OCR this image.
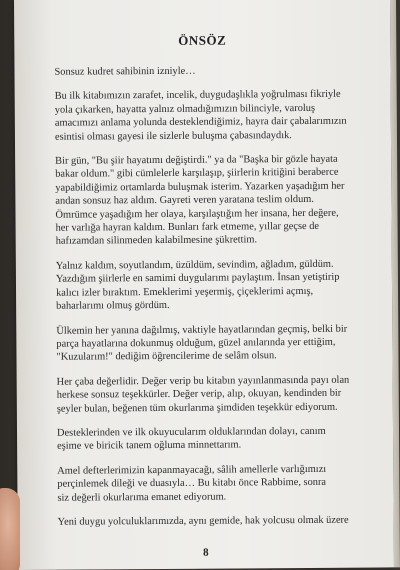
ÖNSÖZ

Sonsuz kudret sahibinin izniyle…

Bu ilk kitabımızın zarafet, incelik, duygudaşlıkla yoğrulması fikriyle
yola çıkarken, hayatta yalnız olmadığımızın bilinciyle, varoluş
amacımızı anlama yolunda desteklendiğimiz, hayra dair çabalarımızın
esintisi olması gayesi ile sizlerle buluşma çabasındaydık.

Bir gün, "Bu şiir hayatımı değiştirdi." ya da "Başka bir gözle hayata
bakar oldum." gibi cümlelerle karşılaşıp, şiirlerin kritiğini beraberce
yapabildiğimiz ortamlarda buluşmak isterim. Yazarken yaşadığım her
andan sonsuz haz aldım. Gayreti veren yaratana teslim oldum.
Ömrümce yaşadığım her olaya, karşılaştığım her insana, her değere,
her varlığa hayran kaldım. Bunları fark etmeme, yıllar geçse de
hafızamdan silinmeden kalabilmesine şükrettim.

Yalnız kaldım, soyutlandım, üzüldüm, sevindim, ağladım, güldüm.
Yazdığım şiirlerle en samimi duygularımı paylaştım. İnsan yetiştirip
kalıcı izler bıraktım. Emeklerimi yeşermiş, çiçeklerimi açmış,
baharlarımı olmuş gördüm.

Ülkemin her yanına dağılmış, vaktiyle hayatlarından geçmiş, belki bir
parça hayatlarına dokunmuş olduğum, güzel anılarında yer ettiğim,
"Kuzularım!" dediğim öğrencilerime de selâm olsun.

Her çaba değerlidir. Değer verip bu kitabın yayınlanmasında payı olan
herkese sonsuz teşekkürler. Değer verip, alıp, okuyan, kendinden bir
şeyler bulan, beğenen tüm okurlarıma şimdiden teşekkür ediyorum.

Desteklerinden ve ilk okuyucularım olduklarından dolayı, canım
eşime ve biricik tanem oğluma minnettarım.

Amel defterlerimizin kapanmayacağı, sâlih amellerle varlığımızı
perçinlemek dileği ve duasıyla… Bu kitabı önce Rabbime, sonra
siz değerli okurlarıma emanet ediyorum.

Yeni duygu yolculuklarımızda, aynı gemide, hak yolcusu olmak üzere

8
